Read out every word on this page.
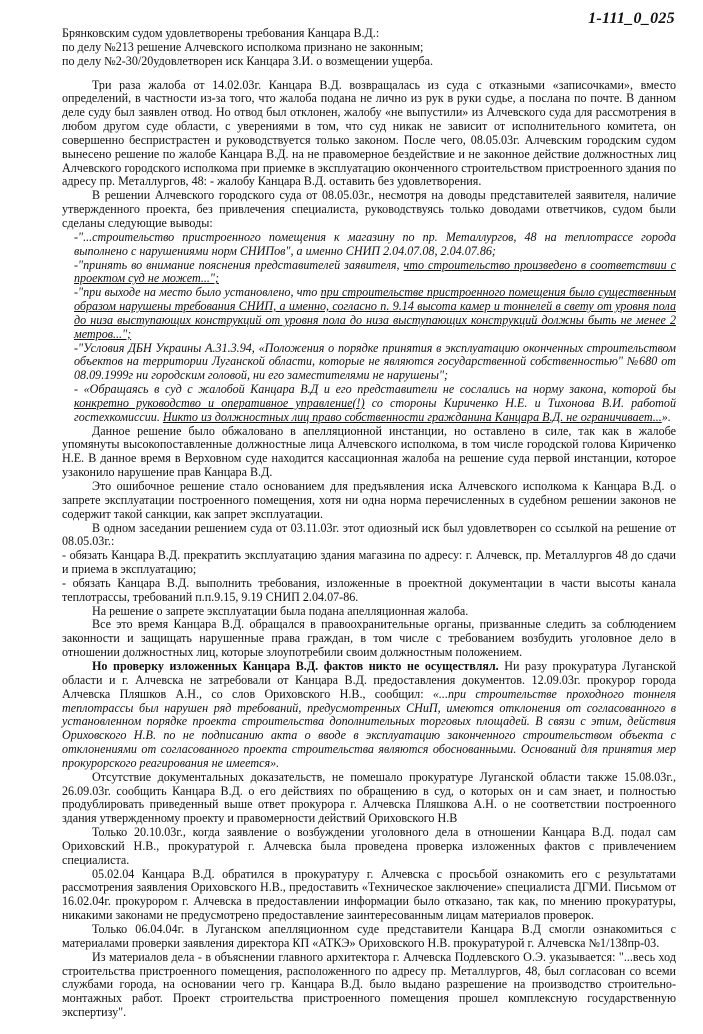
1-111_0_025
Брянковским судом удовлетворены требования Канцара В.Д.:
по делу №213 решение Алчевского исполкома признано не законным;
по делу №2-30/20удовлетворен иск Канцара З.И. о возмещении ущерба.

Три раза жалоба от 14.02.03г. Канцара В.Д. возвращалась из суда с отказными «записочками», вместо определений, в частности из-за того, что жалоба подана не лично из рук в руки судье, а послана по почте. В данном деле суду был заявлен отвод. Но отвод был отклонен, жалобу «не выпустили» из Алчевского суда для рассмотрения в любом другом суде области, с уверениями в том, что суд никак не зависит от исполнительного комитета, он совершенно беспристрастен и руководствуется только законом. После чего, 08.05.03г. Алчевским городским судом вынесено решение по жалобе Канцара В.Д. на не правомерное бездействие и не законное действие должностных лиц Алчевского городского исполкома при приемке в эксплуатацию оконченного строительством пристроенного здания по адресу пр. Металлургов, 48: - жалобу Канцара В.Д. оставить без удовлетворения.

В решении Алчевского городского суда от 08.05.03г., несмотря на доводы представителей заявителя, наличие утвержденного проекта, без привлечения специалиста, руководствуясь только доводами ответчиков, судом были сделаны следующие выводы:

-"...строительство пристроенного помещения к магазину по пр. Металлургов, 48 на теплотрассе города выполнено с нарушениями норм СНИПов", а именно СНИП 2.04.07.08, 2.04.07.86;

-"принять во внимание пояснения представителей заявителя, что строительство произведено в соответствии с проектом суд не может...";

-"при выходе на место было установлено, что при строительстве пристроенного помещения было существенным образом нарушены требования СНИП, а именно, согласно п. 9.14 высота камер и тоннелей в свету от уровня пола до низа выступающих конструкций от уровня пола до низа выступающих конструкций должны быть не менее 2 метров...";

-"Условия ДБН Украины А.31.3.94, «Положения о порядке принятия в эксплуатацию оконченных строительством объектов на территории Луганской области, которые не являются государственной собственностью" №680 от 08.09.1999г ни городским головой, ни его заместителями не нарушены";

- «Обращаясь в суд с жалобой Канцара В.Д и его представители не сослались на норму закона, которой бы конкретно руководство и оперативное управление(!) со стороны Кириченко Н.Е. и Тихонова В.И. работой гостехкомиссии. Никто из должностных лиц право собственности гражданина Канцара В.Д. не ограничивает...».

Данное решение было обжаловано в апелляционной инстанции, но оставлено в силе, так как в жалобе упомянуты высокопоставленные должностные лица Алчевского исполкома, в том числе городской голова Кириченко Н.Е. В данное время в Верховном суде находится кассационная жалоба на решение суда первой инстанции, которое узаконило нарушение прав Канцара В.Д.

Это ошибочное решение стало основанием для предъявления иска Алчевского исполкома к Канцара В.Д. о запрете эксплуатации построенного помещения, хотя ни одна норма перечисленных в судебном решении законов не содержит такой санкции, как запрет эксплуатации.

В одном заседании решением суда от 03.11.03г. этот одиозный иск был удовлетворен со ссылкой на решение от 08.05.03г.:

- обязать Канцара В.Д. прекратить эксплуатацию здания магазина по адресу: г. Алчевск, пр. Металлургов 48 до сдачи и приема в эксплуатацию;

- обязать Канцара В.Д. выполнить требования, изложенные в проектной документации в части высоты канала теплотрассы, требований п.п.9.15, 9.19 СНИП 2.04.07-86.

На решение о запрете эксплуатации была подана апелляционная жалоба.

Все это время Канцара В.Д. обращался в правоохранительные органы, призванные следить за соблюдением законности и защищать нарушенные права граждан, в том числе с требованием возбудить уголовное дело в отношении должностных лиц, которые злоупотребили своим должностным положением.

Но проверку изложенных Канцара В.Д. фактов никто не осуществлял. Ни разу прокуратура Луганской области и г. Алчевска не затребовали от Канцара В.Д. предоставления документов. 12.09.03г. прокурор города Алчевска Пляшков А.Н., со слов Ориховского Н.В., сообщил: «...при строительстве проходного тоннеля теплотрассы был нарушен ряд требований, предусмотренных СНиП, имеются отклонения от согласованного в установленном порядке проекта строительства дополнительных торговых площадей. В связи с этим, действия Ориховского Н.В. по не подписанию акта о вводе в эксплуатацию законченного строительством объекта с отклонениями от согласованного проекта строительства являются обоснованными. Оснований для принятия мер прокурорского реагирования не имеется».

Отсутствие документальных доказательств, не помешало прокуратуре Луганской области также 15.08.03г., 26.09.03г. сообщить Канцара В.Д. о его действиях по обращению в суд, о которых он и сам знает, и полностью продублировать приведенный выше ответ прокурора г. Алчевска Пляшкова А.Н. о не соответствии построенного здания утвержденному проекту и правомерности действий Ориховского Н.В

Только 20.10.03г., когда заявление о возбуждении уголовного дела в отношении Канцара В.Д. подал сам Ориховский Н.В., прокуратурой г. Алчевска была проведена проверка изложенных фактов с привлечением специалиста.

05.02.04 Канцара В.Д. обратился в прокуратуру г. Алчевска с просьбой ознакомить его с результатами рассмотрения заявления Ориховского Н.В., предоставить «Техническое заключение» специалиста ДГМИ. Письмом от 16.02.04г. прокурором г. Алчевска в предоставлении информации было отказано, так как, по мнению прокуратуры, никакими законами не предусмотрено предоставление заинтересованным лицам материалов проверок.

Только 06.04.04г. в Луганском апелляционном суде представители Канцара В.Д смогли ознакомиться с материалами проверки заявления директора КП «АТКЭ» Ориховского Н.В. прокуратурой г. Алчевска №1/138пр-03.

Из материалов дела - в объяснении главного архитектора г. Алчевска Подлевского О.Э. указывается: "...весь ход строительства пристроенного помещения, расположенного по адресу пр. Металлургов, 48, был согласован со всеми службами города, на основании чего гр. Канцара В.Д. было выдано разрешение на производство строительно-монтажных работ. Проект строительства пристроенного помещения прошел комплексную государственную экспертизу".
